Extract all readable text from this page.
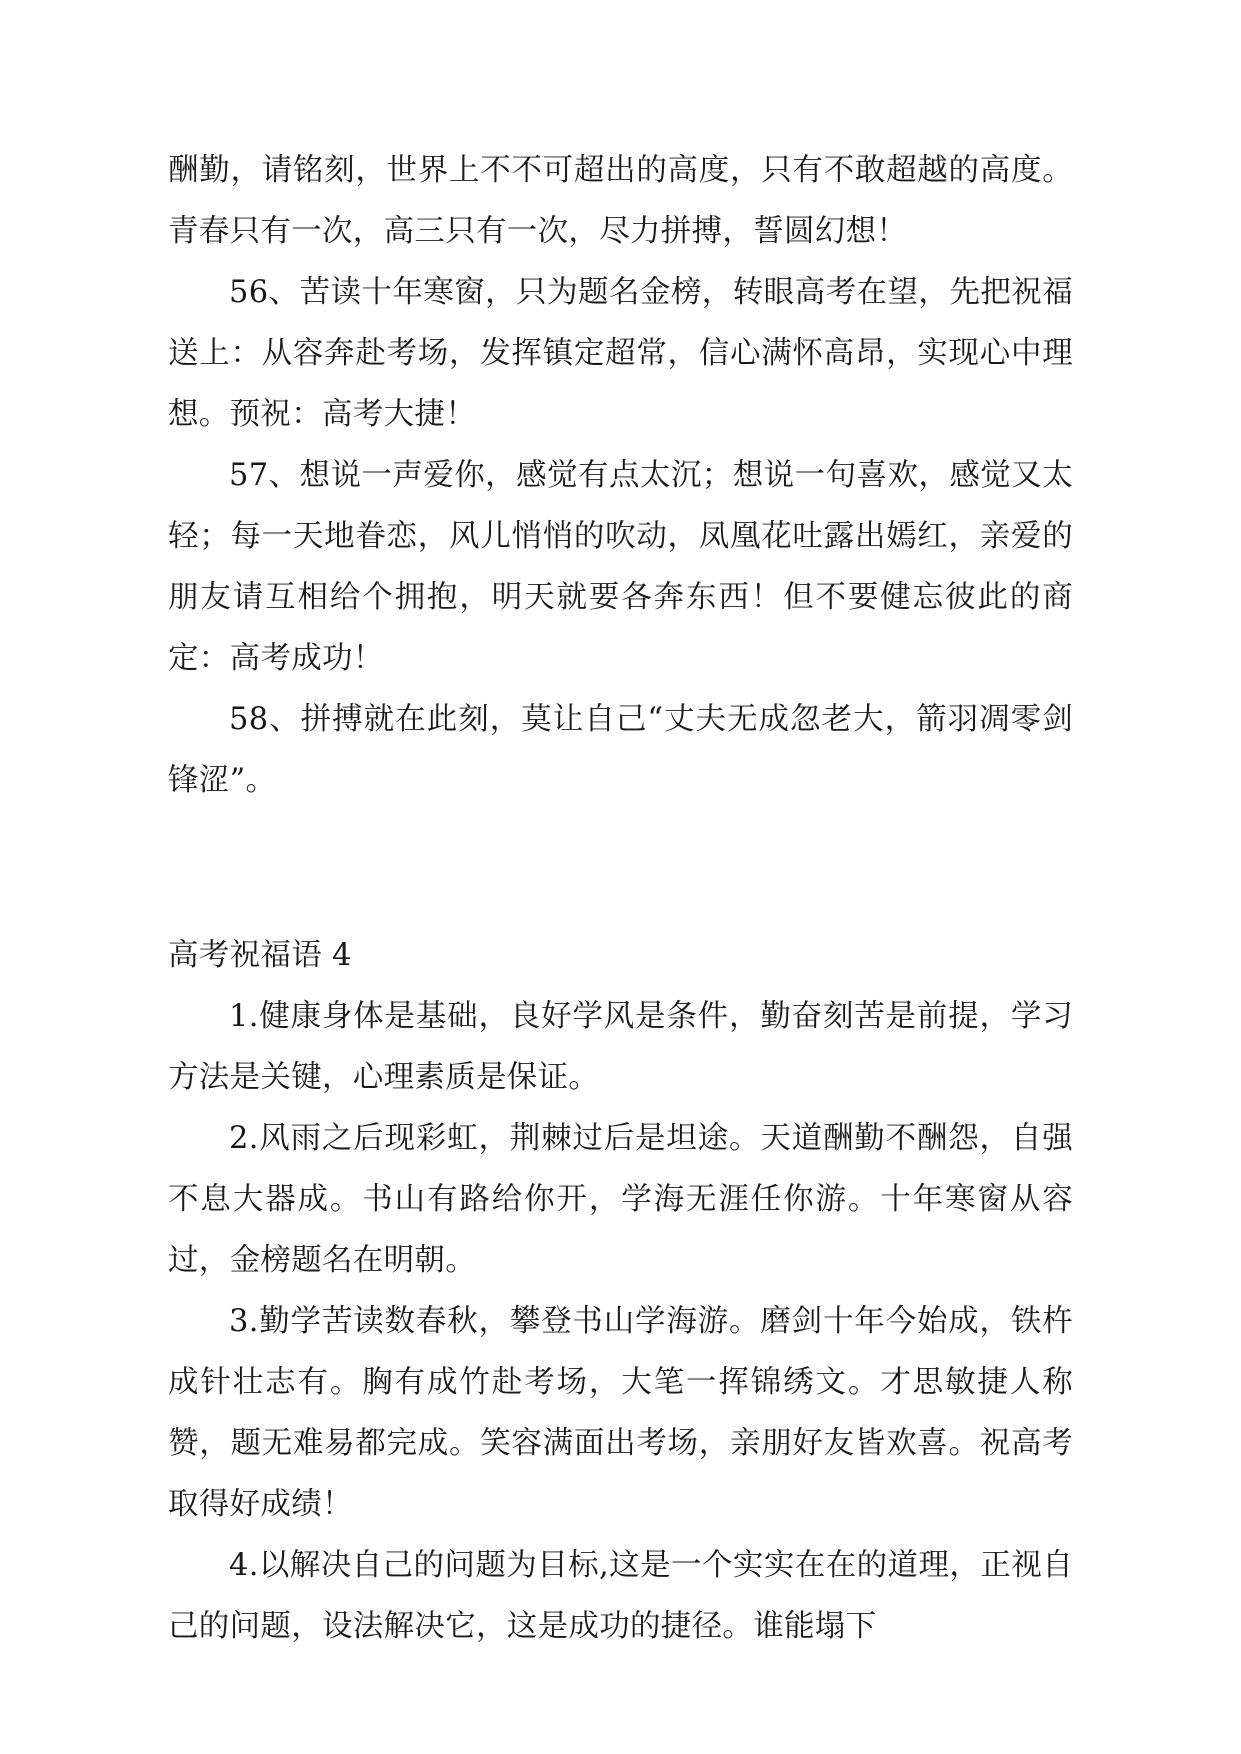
酬勤，请铭刻，世界上不不可超出的高度，只有不敢超越的高度。青春只有一次，高三只有一次，尽力拼搏，誓圆幻想！

56、苦读十年寒窗，只为题名金榜，转眼高考在望，先把祝福送上：从容奔赴考场，发挥镇定超常，信心满怀高昂，实现心中理想。预祝：高考大捷！

57、想说一声爱你，感觉有点太沉；想说一句喜欢，感觉又太轻；每一天地眷恋，风儿悄悄的吹动，凤凰花吐露出嫣红，亲爱的朋友请互相给个拥抱，明天就要各奔东西！但不要健忘彼此的商定：高考成功！

58、拼搏就在此刻，莫让自己“丈夫无成忽老大，箭羽凋零剑锋涩”。

高考祝福语 4

1.健康身体是基础，良好学风是条件，勤奋刻苦是前提，学习方法是关键，心理素质是保证。

2.风雨之后现彩虹，荆棘过后是坦途。天道酬勤不酬怨，自强不息大器成。书山有路给你开，学海无涯任你游。十年寒窗从容过，金榜题名在明朝。

3.勤学苦读数春秋，攀登书山学海游。磨剑十年今始成，铁杵成针壮志有。胸有成竹赴考场，大笔一挥锦绣文。才思敏捷人称赞，题无难易都完成。笑容满面出考场，亲朋好友皆欢喜。祝高考取得好成绩！

4.以解决自己的问题为目标,这是一个实实在在的道理，正视自己的问题，设法解决它，这是成功的捷径。谁能塌下
